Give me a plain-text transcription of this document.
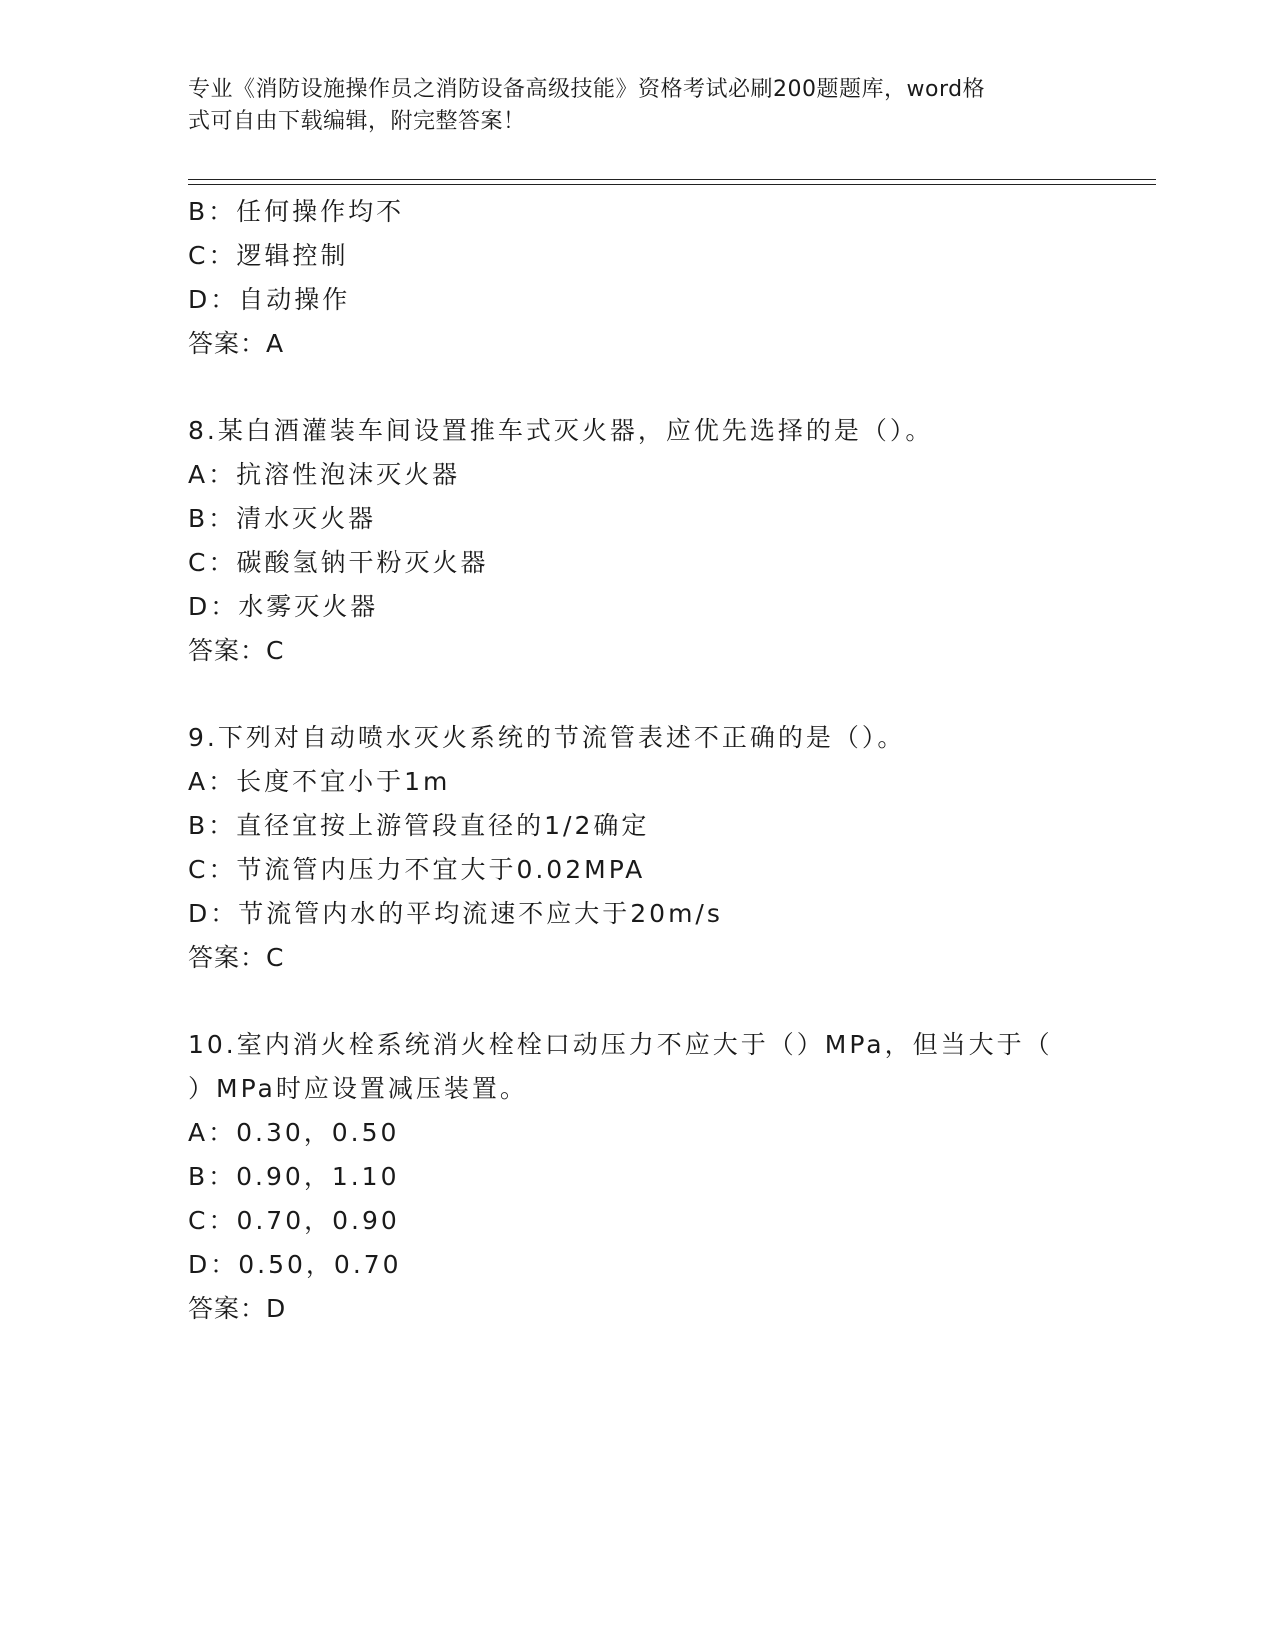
专业《消防设施操作员之消防设备高级技能》资格考试必刷200题题库，word格
式可自由下载编辑，附完整答案！
B：任何操作均不
C：逻辑控制
D：自动操作
答案：A
8.某白酒灌装车间设置推车式灭火器，应优先选择的是（）。
A：抗溶性泡沫灭火器
B：清水灭火器
C：碳酸氢钠干粉灭火器
D：水雾灭火器
答案：C
9.下列对自动喷水灭火系统的节流管表述不正确的是（）。
A：长度不宜小于1m
B：直径宜按上游管段直径的1/2确定
C：节流管内压力不宜大于0.02MPA
D：节流管内水的平均流速不应大于20m/s
答案：C
10.室内消火栓系统消火栓栓口动压力不应大于（）MPa，但当大于（
）MPa时应设置减压装置。
A：0.30，0.50
B：0.90，1.10
C：0.70，0.90
D：0.50，0.70
答案：D
